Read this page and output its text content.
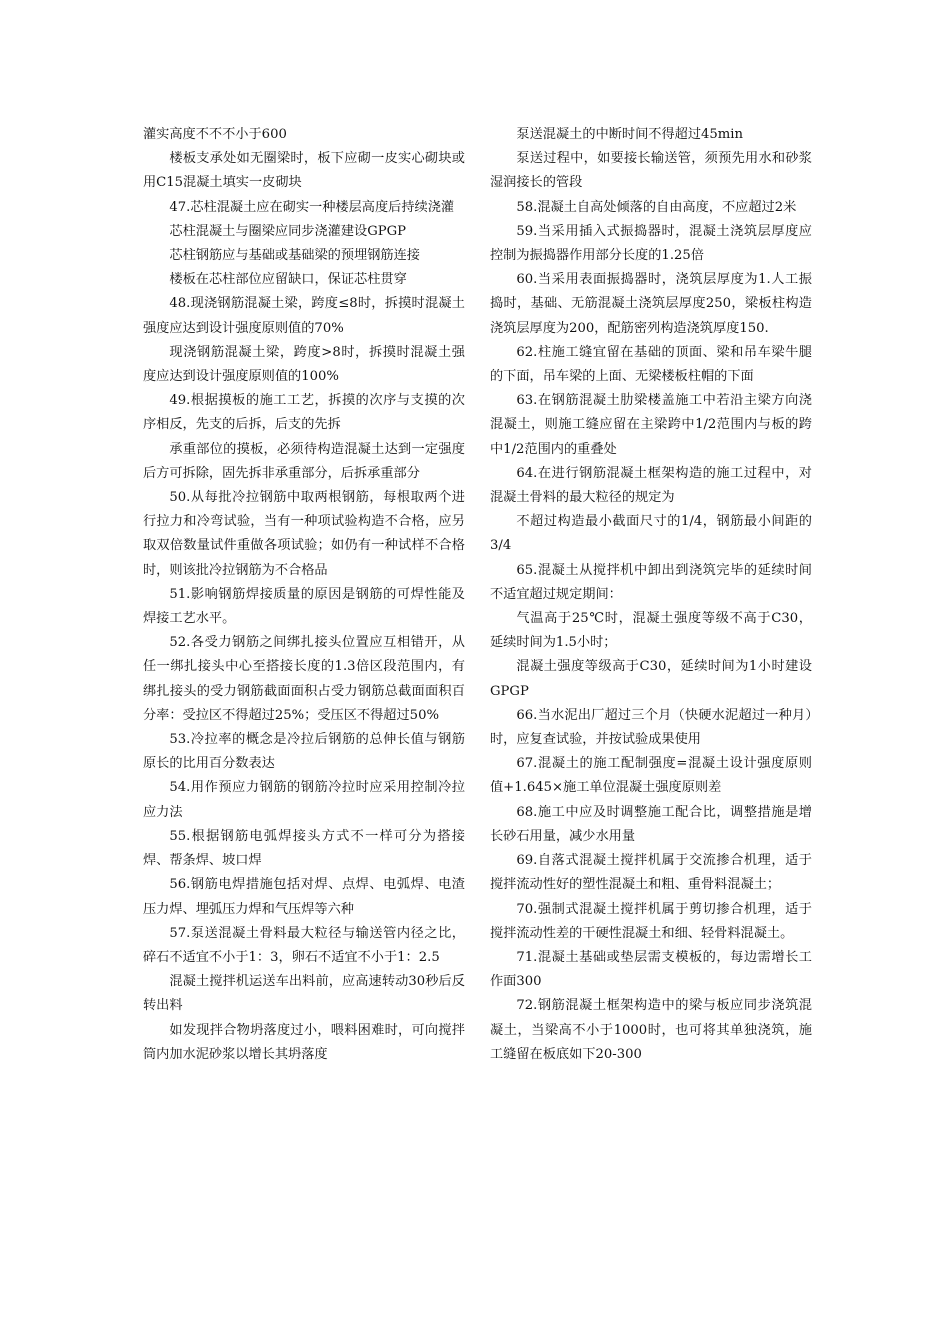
灌实高度不不不小于600

楼板支承处如无圈梁时，板下应砌一皮实心砌块或用C15混凝土填实一皮砌块

47.芯柱混凝土应在砌实一种楼层高度后持续浇灌

芯柱混凝土与圈梁应同步浇灌建设GPGP

芯柱钢筋应与基础或基础梁的预埋钢筋连接

楼板在芯柱部位应留缺口，保证芯柱贯穿

48.现浇钢筋混凝土梁，跨度≤8时，拆摸时混凝土强度应达到设计强度原则值的70%

现浇钢筋混凝土梁，跨度>8时，拆摸时混凝土强度应达到设计强度原则值的100%

49.根据摸板的施工工艺，拆摸的次序与支摸的次序相反，先支的后拆，后支的先拆

承重部位的摸板，必须待构造混凝土达到一定强度后方可拆除，固先拆非承重部分，后拆承重部分

50.从每批冷拉钢筋中取两根钢筋，每根取两个进行拉力和冷弯试验，当有一种项试验构造不合格，应另取双倍数量试件重做各项试验；如仍有一种试样不合格时，则该批冷拉钢筋为不合格品

51.影响钢筋焊接质量的原因是钢筋的可焊性能及焊接工艺水平。

52.各受力钢筋之间绑扎接头位置应互相错开，从任一绑扎接头中心至搭接长度的1.3倍区段范围内，有绑扎接头的受力钢筋截面面积占受力钢筋总截面面积百分率：受拉区不得超过25%；受压区不得超过50%

53.冷拉率的概念是冷拉后钢筋的总伸长值与钢筋原长的比用百分数表达

54.用作预应力钢筋的钢筋冷拉时应采用控制冷拉应力法

55.根据钢筋电弧焊接头方式不一样可分为搭接焊、帮条焊、坡口焊

56.钢筋电焊措施包括对焊、点焊、电弧焊、电渣压力焊、埋弧压力焊和气压焊等六种

57.泵送混凝土骨料最大粒径与输送管内径之比，碎石不适宜不小于1：3，卵石不适宜不小于1：2.5

混凝土搅拌机运送车出料前，应高速转动30秒后反转出料

如发现拌合物坍落度过小，喂料困难时，可向搅拌筒内加水泥砂浆以增长其坍落度

泵送混凝土的中断时间不得超过45min

泵送过程中，如要接长输送管，须预先用水和砂浆湿润接长的管段

58.混凝土自高处倾落的自由高度，不应超过2米

59.当采用插入式振捣器时，混凝土浇筑层厚度应控制为振捣器作用部分长度的1.25倍

60.当采用表面振捣器时，浇筑层厚度为1.人工振捣时，基础、无筋混凝土浇筑层厚度250，梁板柱构造浇筑层厚度为200，配筋密列构造浇筑厚度150.

62.柱施工缝宜留在基础的顶面、梁和吊车梁牛腿的下面，吊车梁的上面、无梁楼板柱帽的下面

63.在钢筋混凝土肋梁楼盖施工中若沿主梁方向浇混凝土，则施工缝应留在主梁跨中1/2范围内与板的跨中1/2范围内的重叠处

64.在进行钢筋混凝土框架构造的施工过程中，对混凝土骨料的最大粒径的规定为

不超过构造最小截面尺寸的1/4，钢筋最小间距的3/4

65.混凝土从搅拌机中卸出到浇筑完毕的延续时间不适宜超过规定期间：

气温高于25℃时，混凝土强度等级不高于C30，延续时间为1.5小时；

混凝土强度等级高于C30，延续时间为1小时建设GPGP

66.当水泥出厂超过三个月（快硬水泥超过一种月）时，应复查试验，并按试验成果使用

67.混凝土的施工配制强度=混凝土设计强度原则值+1.645×施工单位混凝土强度原则差

68.施工中应及时调整施工配合比，调整措施是增长砂石用量，减少水用量

69.自落式混凝土搅拌机属于交流掺合机理，适于搅拌流动性好的塑性混凝土和粗、重骨料混凝土；

70.强制式混凝土搅拌机属于剪切掺合机理，适于搅拌流动性差的干硬性混凝土和细、轻骨料混凝土。

71.混凝土基础或垫层需支模板的，每边需增长工作面300

72.钢筋混凝土框架构造中的梁与板应同步浇筑混凝土，当梁高不小于1000时，也可将其单独浇筑，施工缝留在板底如下20-300
